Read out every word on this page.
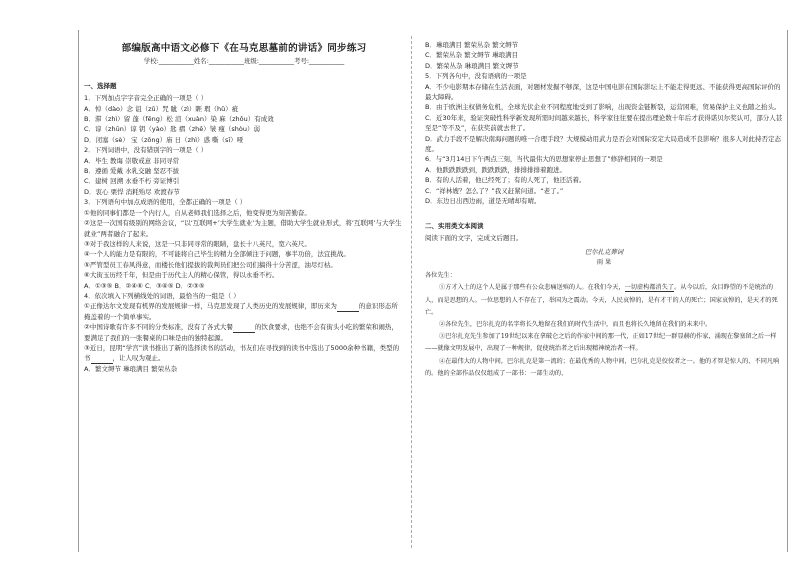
部编版高中语文必修下《在马克思墓前的讲话》同步练习
学校:___________姓名:___________班级:___________考号:___________
一、选择题
1．下列加点字字音完全正确的一项是（ ）
A．悼（dào）念 诅（zǔ）咒 眦（zì）睚 瑕（hǔ）疵
B．滞（zhì）留 蓬（fēng）松 渲（xuàn）染 麻（zhǒu）有成效
C．谆（zhūn）谆 钥（yào）匙 褶（zhě）皱 瘦（shòu）弱
D．闭塞（sè） 宝（zōng）庙 日（zhì）惑 嘶（sī）哑
2．下列词语中，没有错别字的一项是（ ）
A．毕生 教诲 崇敬戒意 非同寻常
B．遵循 爱戴 水乳交融 坚忍不拔
C．建树 回溯 永垂不朽 旁证博引
D．衷心 栗悍 消耗殆尽 欢渡春节
3．下列语句中加点成语的使用，全都正确的一项是（ ）
①他的同事们都是一个内行人，自从老师我们选择之后，他变得更为刻苦勤奋。
②这是一次国有级别的网络会议，“以‘互联网+’大学生就业’为主题，借助大学生就业形式，将‘互联网’与大学生就业”两者融合了起来。
③对于我这样的人来说，这是一只非同寻常的眼睛，盘长十八英尺，宽六英尺。
④一个人的能力是有限的，不可能将自己毕生的精力全部倾注于问题，事半功倍，法宜挑战。
⑤严管型员工春风得意，而楼长他们提拔的裁判员们把公司们搞得十分苦涩，油尽灯枯。
⑥大街玉历经千年，但是由于历代主人的精心保管，得以永垂不朽。
A．①③⑤ B．②④⑥ C．③④⑤ D．②③⑤
4．依次填入下列横线处的词语，最恰当的一组是（ ）
①正像达尔文发现有机界的发展规律一样，马克思发现了人类历史的发展规律，即历来为	的意识形态所掩盖着的一个简单事实。
②中国诗歌有许多不同的分类标准，没有了各式大餐	的饮食要求，也绝不会有街头小吃的繁荣和闹热，要满足了我们的一张餐桌的口味是由的独特起源。
③近日，昆明“学宫”读书推出了新的选择读书的活动，书友们在寻找到的读书中选出了5000余种书籍，类型的书	，让人叹为观止。
A．繁文缛节 琳琅满目 繁荣丛杂
B．琳琅满目 繁荣丛杂 繁文缛节
C．繁荣丛杂 繁文缛节 琳琅满目
D．繁荣丛杂 琳琅满目 繁文缛节
5．下列各句中，没有语病的一项是
A．不少电影期本存储在生活表面，对题材发掘不够深，这是中国电影在国际影坛上不能走得更远、不能获得更高国际评价的最大障碍。
B．由于欧洲主权债务危机，全球光伏企业不同程度地受到了影响，出现资金链断裂，运营困难，贸易保护主义也随之抬头。
C．近30年来，验证突破性科学新发现所需时间越来越长，科学家往往要在提出理论数十年后才获得诺贝尔奖认可，部分人甚至是“等不及”，在获奖前就去世了。
D．武力手段不是解决南海问题的唯一合理手段？大规模动用武力是否会对国际安定大局造成不良影响？很多人对此持否定态度。
6．与“3月14日下午两点三刻，当代最伟大的思想家停止思想了”修辞相同的一项是
A．他跌跌跌跌到，跌跌跌跌，排排排排着跑进。
B．有的人活着，他已经死了；有的人死了，他还活着。
C．“祥林嫂？怎么了？”我又赶紧问道。“老了。”
D．东边日出西边雨，道是无晴却有晴。
二、实用类文本阅读
阅读下面的文字，完成文后题目。
巴尔扎克葬词
雨 果
各位先生：
①方才入土的这个人是属于那些有公众悲痛送殡的人。在我们今天，一切虚构都消失了。从今以后，众目睁望的不是统治的人，而是思想的人。一位思想的人不存在了，举国为之震动。今天，人民哀悼的，是有才干的人的死亡；国家哀悼的，是天才的死亡。
②各位先生，巴尔扎克的名字将长久地留在我们的时代生活中，而且也将长久地留在我们的未来中。
③巴尔扎克先生参加了19世纪以来在拿破仑之后的作家中间的那一代，正如17世纪一群显赫的作家，涌现在黎塞留之后一样——就像文明发展中，出现了一种规律，促使统治者之后出现精神统治者一样。
④在最伟大的人物中间，巴尔扎克是第一流的；在最优秀的人物中间，巴尔扎克是佼佼者之一。他的才智是惊人的、不同凡响的。他的全部作品仅仅组成了一部书：一部生动的、
